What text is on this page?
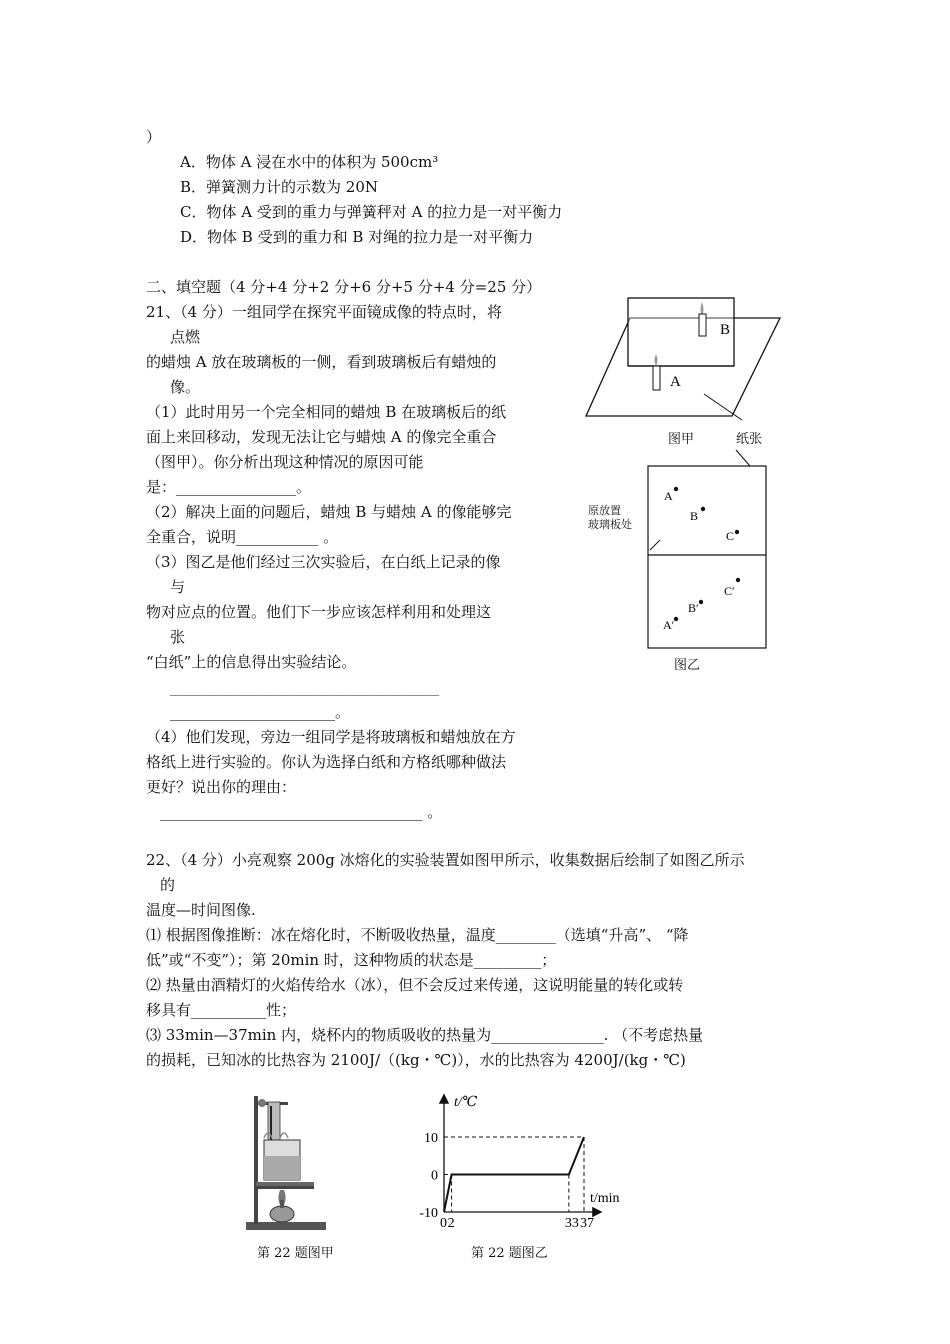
）
A．物体 A 浸在水中的体积为 500cm³
B．弹簧测力计的示数为 20N
C．物体 A 受到的重力与弹簧秤对 A 的拉力是一对平衡力
D．物体 B 受到的重力和 B 对绳的拉力是一对平衡力
二、填空题（4 分+4 分+2 分+6 分+5 分+4 分=25 分）
21、（4 分）一组同学在探究平面镜成像的特点时，将
点燃
的蜡烛 A 放在玻璃板的一侧，看到玻璃板后有蜡烛的
像。
（1）此时用另一个完全相同的蜡烛 B 在玻璃板后的纸
面上来回移动，发现无法让它与蜡烛 A 的像完全重合
（图甲）。你分析出现这种情况的原因可能
是：________________。
（2）解决上面的问题后，蜡烛 B 与蜡烛 A 的像能够完
全重合，说明___________ 。
（3）图乙是他们经过三次实验后，在白纸上记录的像
与
物对应点的位置。他们下一步应该怎样利用和处理这
张
“白纸”上的信息得出实验结论。
________________________________________________
______________________。
（4）他们发现，旁边一组同学是将玻璃板和蜡烛放在方
格纸上进行实验的。你认为选择白纸和方格纸哪种做法
更好？说出你的理由：
___________________________________ 。
B
A
图甲	纸张
A
B
C
A′
B′
C′
原放置
玻璃板处
图乙
22、（4 分）小亮观察 200g 冰熔化的实验装置如图甲所示，收集数据后绘制了如图乙所示
的
温度—时间图像.
⑴ 根据图像推断：冰在熔化时，不断吸收热量，温度________（选填“升高”、 “降
低”或“不变”）；第 20min 时，这种物质的状态是_________；
⑵ 热量由酒精灯的火焰传给水（冰），但不会反过来传递，这说明能量的转化或转
移具有__________性；
⑶ 33min—37min 内，烧杯内的物质吸收的热量为_______________. （不考虑热量
的损耗，已知冰的比热容为 2100J/（(kg・℃)），水的比热容为 4200J/(kg・℃)
第 22 题图甲
t/℃
t/min
0 2	33 37
10
0
-10
第 22 题图乙
